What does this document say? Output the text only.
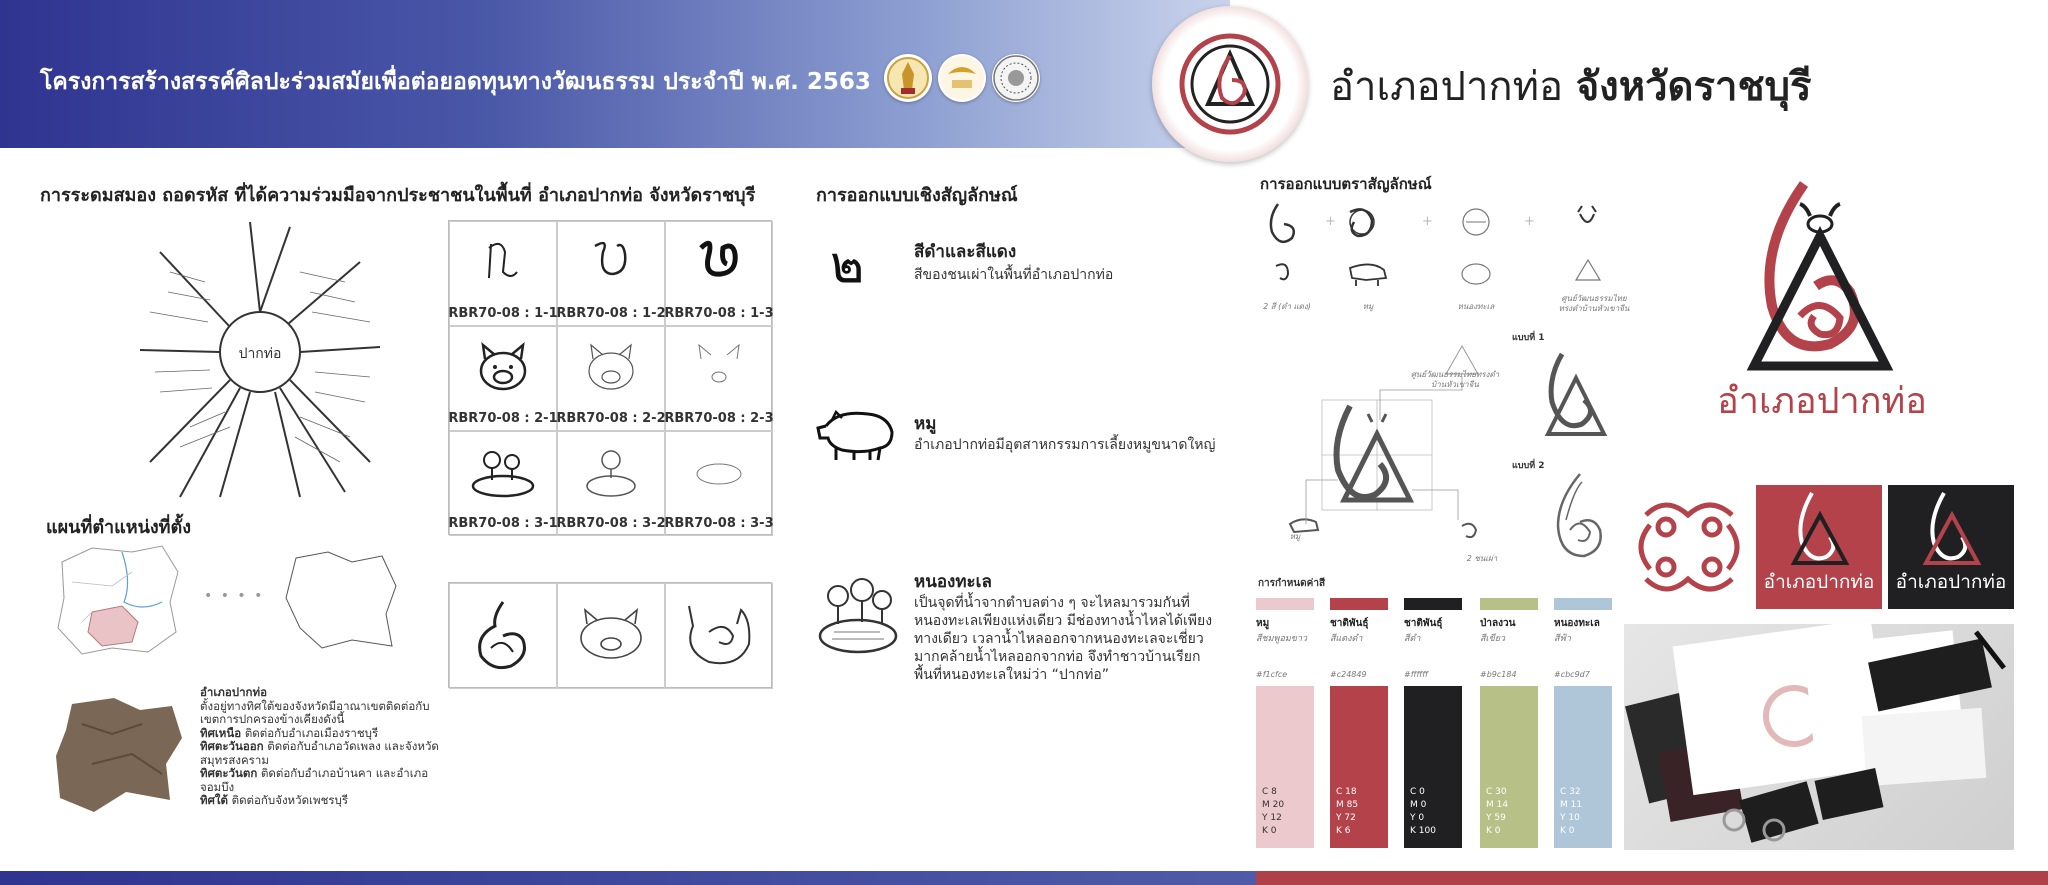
โครงการสร้างสรรค์ศิลปะร่วมสมัยเพื่อต่อยอดทุนทางวัฒนธรรม ประจำปี พ.ศ. 2563	อำเภอปากท่อ จังหวัดราชบุรี
การระดมสมอง ถอดรหัส ที่ได้ความร่วมมือจากประชาชนในพื้นที่ อำเภอปากท่อ จังหวัดราชบุรี
ปากท่อ
RBR70-08 : 1-1
RBR70-08 : 1-2
RBR70-08 : 1-3
RBR70-08 : 2-1
RBR70-08 : 2-2
RBR70-08 : 2-3
RBR70-08 : 3-1
RBR70-08 : 3-2
RBR70-08 : 3-3
แผนที่ตำแหน่งที่ตั้ง
• • • •
อำเภอปากท่อ
ตั้งอยู่ทางทิศใต้ของจังหวัดมีอาณาเขตติดต่อกับเขตการปกครองข้างเคียงดังนี้
ทิศเหนือ ติดต่อกับอำเภอเมืองราชบุรี
ทิศตะวันออก ติดต่อกับอำเภอวัดเพลง และจังหวัดสมุทรสงคราม
ทิศตะวันตก ติดต่อกับอำเภอบ้านคา และอำเภอจอมบึง
ทิศใต้ ติดต่อกับจังหวัดเพชรบุรี
การออกแบบเชิงสัญลักษณ์
๒	สีดำและสีแดง
สีของชนเผ่าในพื้นที่อำเภอปากท่อ
หมู
อำเภอปากท่อมีอุตสาหกรรมการเลี้ยงหมูขนาดใหญ่
หนองทะเล
เป็นจุดที่น้ำจากตำบลต่าง ๆ จะไหลมารวมกันที่หนองทะเลเพียงแห่งเดียว มีช่องทางน้ำไหลได้เพียงทางเดียว เวลาน้ำไหลออกจากหนองทะเลจะเชี่ยวมากคล้ายน้ำไหลออกจากท่อ จึงทำชาวบ้านเรียกพื้นที่หนองทะเลใหม่ว่า “ปากท่อ”
การออกแบบตราสัญลักษณ์
+	+	+
2 สี (ดำ แดง)	หมู	หนองทะเล
ศูนย์วัฒนธรรมไทยทรงดำบ้านหัวเขาจีน
ศูนย์วัฒนธรรมไทยทรงดำบ้านหัวเขาจีน
หมู
2 ชนเผ่า
แบบที่ 1
แบบที่ 2
การกำหนดค่าสี
หมู
สีชมพูอมขาว
#f1cfce
C 8
M 20
Y 12
K 0
ชาติพันธุ์
สีแดงดำ
#c24849
C 18
M 85
Y 72
K 6
ชาติพันธุ์
สีดำ
#ffffff
C 0
M 0
Y 0
K 100
ป่าลงวน
สีเขียว
#b9c184
C 30
M 14
Y 59
K 0
หนองทะเล
สีฟ้า
#cbc9d7
C 32
M 11
Y 10
K 0
อำเภอปากท่อ
อำเภอปากท่อ	อำเภอปากท่อ
